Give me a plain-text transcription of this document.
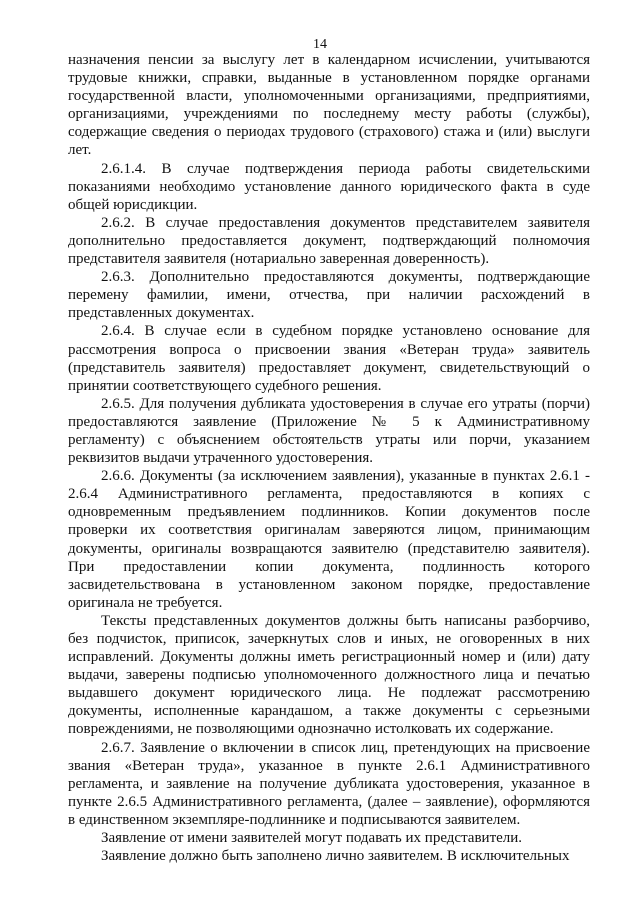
14

назначения пенсии за выслугу лет в календарном исчислении, учитываются трудовые книжки, справки, выданные в установленном порядке органами государственной власти, уполномоченными организациями, предприятиями, организациями, учреждениями по последнему месту работы (службы), содержащие сведения о периодах трудового (страхового) стажа и (или) выслуги лет.

2.6.1.4. В случае подтверждения периода работы свидетельскими показаниями необходимо установление данного юридического факта в суде общей юрисдикции.

2.6.2. В случае предоставления документов представителем заявителя дополнительно предоставляется документ, подтверждающий полномочия представителя заявителя (нотариально заверенная доверенность).

2.6.3. Дополнительно предоставляются документы, подтверждающие перемену фамилии, имени, отчества, при наличии расхождений в представленных документах.

2.6.4. В случае если в судебном порядке установлено основание для рассмотрения вопроса о присвоении звания «Ветеран труда» заявитель (представитель заявителя) предоставляет документ, свидетельствующий о принятии соответствующего судебного решения.

2.6.5. Для получения дубликата удостоверения в случае его утраты (порчи) предоставляются заявление (Приложение № 5 к Административному регламенту) с объяснением обстоятельств утраты или порчи, указанием реквизитов выдачи утраченного удостоверения.

2.6.6. Документы (за исключением заявления), указанные в пунктах 2.6.1 - 2.6.4 Административного регламента, предоставляются в копиях с одновременным предъявлением подлинников. Копии документов после проверки их соответствия оригиналам заверяются лицом, принимающим документы, оригиналы возвращаются заявителю (представителю заявителя). При предоставлении копии документа, подлинность которого засвидетельствована в установленном законом порядке, предоставление оригинала не требуется.

Тексты представленных документов должны быть написаны разборчиво, без подчисток, приписок, зачеркнутых слов и иных, не оговоренных в них исправлений. Документы должны иметь регистрационный номер и (или) дату выдачи, заверены подписью уполномоченного должностного лица и печатью выдавшего документ юридического лица. Не подлежат рассмотрению документы, исполненные карандашом, а также документы с серьезными повреждениями, не позволяющими однозначно истолковать их содержание.

2.6.7. Заявление о включении в список лиц, претендующих на присвоение звания «Ветеран труда», указанное в пункте 2.6.1 Административного регламента, и заявление на получение дубликата удостоверения, указанное в пункте 2.6.5 Административного регламента, (далее – заявление), оформляются в единственном экземпляре-подлиннике и подписываются заявителем.

Заявление от имени заявителей могут подавать их представители.

Заявление должно быть заполнено лично заявителем. В исключительных
